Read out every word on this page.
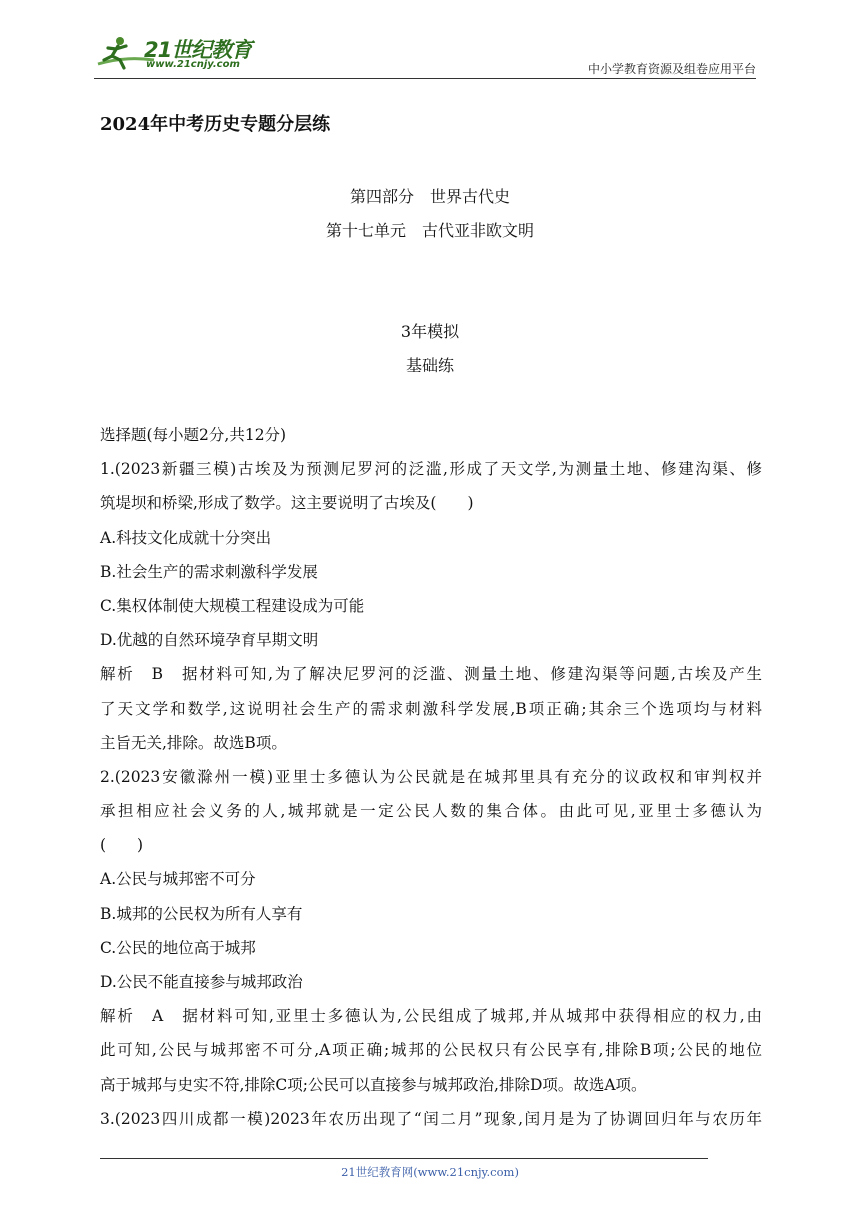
21世纪教育
www.21cnjy.com	中小学教育资源及组卷应用平台
2024年中考历史专题分层练
第四部分　世界古代史
第十七单元　古代亚非欧文明
3年模拟
基础练
选择题(每小题2分,共12分)
1.(2023新疆三模)古埃及为预测尼罗河的泛滥,形成了天文学,为测量土地、修建沟渠、修
筑堤坝和桥梁,形成了数学。这主要说明了古埃及(　　)
A.科技文化成就十分突出
B.社会生产的需求刺激科学发展
C.集权体制使大规模工程建设成为可能
D.优越的自然环境孕育早期文明
解析　B　据材料可知,为了解决尼罗河的泛滥、测量土地、修建沟渠等问题,古埃及产生
了天文学和数学,这说明社会生产的需求刺激科学发展,B项正确;其余三个选项均与材料
主旨无关,排除。故选B项。
2.(2023安徽滁州一模)亚里士多德认为公民就是在城邦里具有充分的议政权和审判权并
承担相应社会义务的人,城邦就是一定公民人数的集合体。由此可见,亚里士多德认为
(　　)
A.公民与城邦密不可分
B.城邦的公民权为所有人享有
C.公民的地位高于城邦
D.公民不能直接参与城邦政治
解析　A　据材料可知,亚里士多德认为,公民组成了城邦,并从城邦中获得相应的权力,由
此可知,公民与城邦密不可分,A项正确;城邦的公民权只有公民享有,排除B项;公民的地位
高于城邦与史实不符,排除C项;公民可以直接参与城邦政治,排除D项。故选A项。
3.(2023四川成都一模)2023年农历出现了“闰二月”现象,闰月是为了协调回归年与农历年
21世纪教育网(www.21cnjy.com)
